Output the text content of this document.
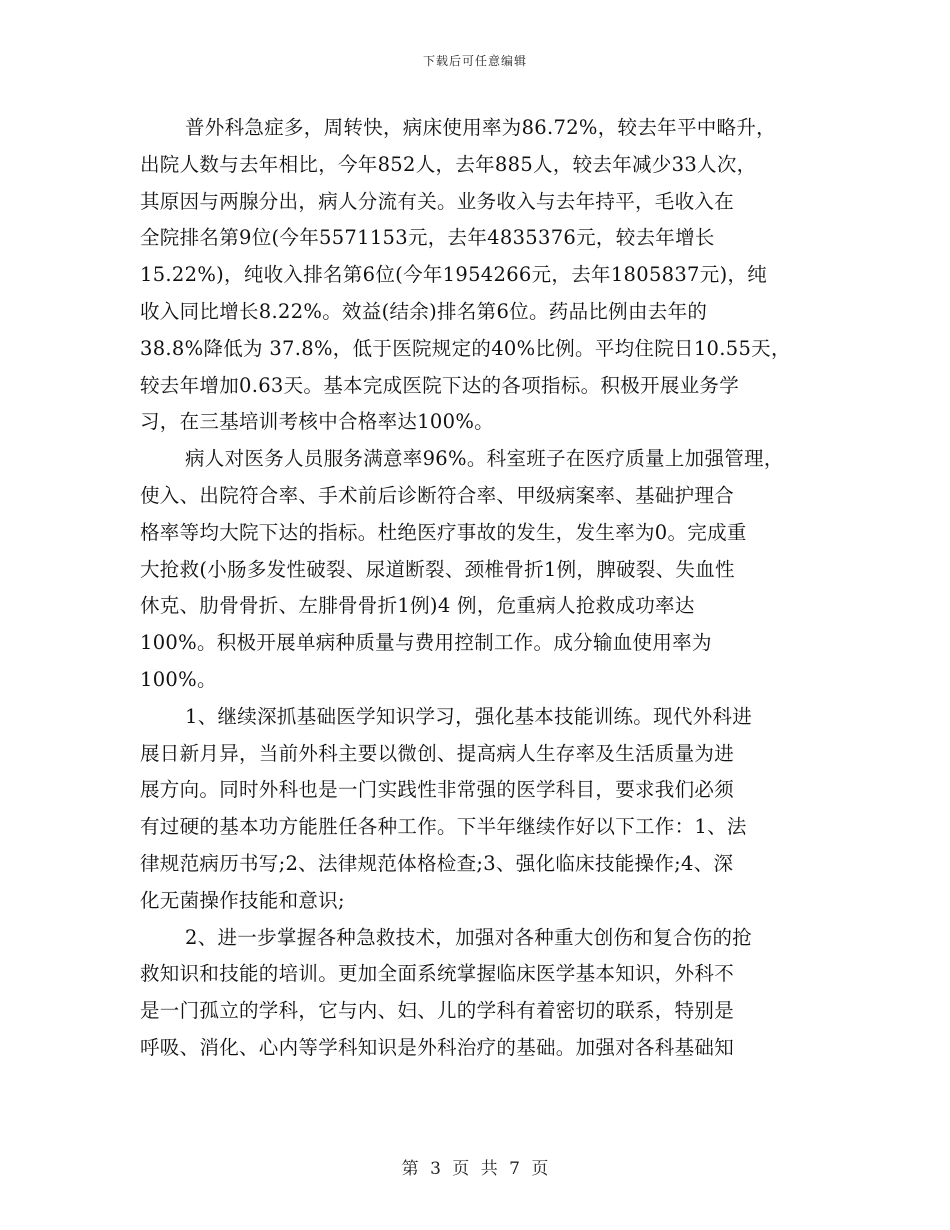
下载后可任意编辑
普外科急症多，周转快，病床使用率为86.72%，较去年平中略升，
出院人数与去年相比，今年852人，去年885人，较去年减少33人次，
其原因与两腺分出，病人分流有关。业务收入与去年持平，毛收入在
全院排名第9位(今年5571153元，去年4835376元，较去年增长
15.22%)，纯收入排名第6位(今年1954266元，去年1805837元)，纯
收入同比增长8.22%。效益(结余)排名第6位。药品比例由去年的
38.8%降低为 37.8%，低于医院规定的40%比例。平均住院日10.55天，
较去年增加0.63天。基本完成医院下达的各项指标。积极开展业务学
习，在三基培训考核中合格率达100%。
病人对医务人员服务满意率96%。科室班子在医疗质量上加强管理，
使入、出院符合率、手术前后诊断符合率、甲级病案率、基础护理合
格率等均大院下达的指标。杜绝医疗事故的发生，发生率为0。完成重
大抢救(小肠多发性破裂、尿道断裂、颈椎骨折1例，脾破裂、失血性
休克、肋骨骨折、左腓骨骨折1例)4 例，危重病人抢救成功率达
100%。积极开展单病种质量与费用控制工作。成分输血使用率为
100%。
1、继续深抓基础医学知识学习，强化基本技能训练。现代外科进
展日新月异，当前外科主要以微创、提高病人生存率及生活质量为进
展方向。同时外科也是一门实践性非常强的医学科目，要求我们必须
有过硬的基本功方能胜任各种工作。下半年继续作好以下工作：1、法
律规范病历书写;2、法律规范体格检查;3、强化临床技能操作;4、深
化无菌操作技能和意识;
2、进一步掌握各种急救技术，加强对各种重大创伤和复合伤的抢
救知识和技能的培训。更加全面系统掌握临床医学基本知识，外科不
是一门孤立的学科，它与内、妇、儿的学科有着密切的联系，特别是
呼吸、消化、心内等学科知识是外科治疗的基础。加强对各科基础知
第 3 页 共 7 页
